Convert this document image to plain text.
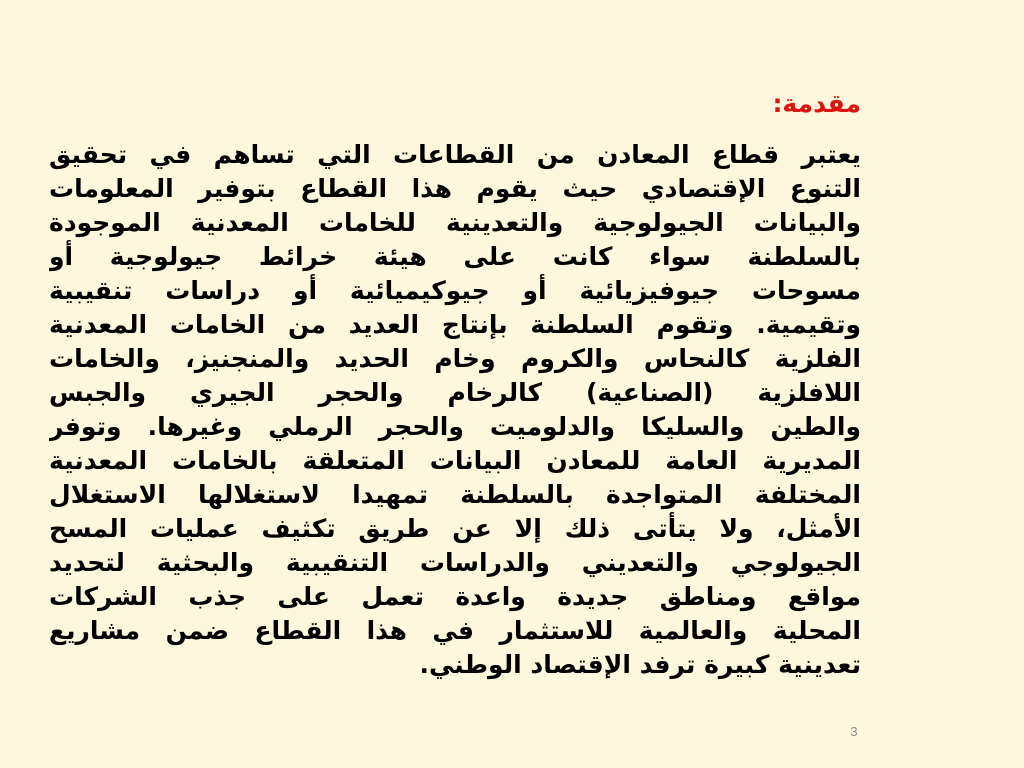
مقدمة:
يعتبر قطاع المعادن من القطاعات التي تساهم في تحقيق
التنوع الإقتصادي حيث يقوم هذا القطاع بتوفير المعلومات
والبيانات الجيولوجية والتعدينية للخامات المعدنية الموجودة
بالسلطنة سواء كانت على هيئة خرائط جيولوجية أو
مسوحات جيوفيزيائية أو جيوكيميائية أو دراسات تنقيبية
وتقيمية. وتقوم السلطنة بإنتاج العديد من الخامات المعدنية
الفلزية كالنحاس والكروم وخام الحديد والمنجنيز، والخامات
اللافلزية (الصناعية) كالرخام والحجر الجيري والجبس
والطين والسليكا والدلوميت والحجر الرملي وغيرها. وتوفر
المديرية العامة للمعادن البيانات المتعلقة بالخامات المعدنية
المختلفة المتواجدة بالسلطنة تمهيدا لاستغلالها الاستغلال
الأمثل، ولا يتأتى ذلك إلا عن طريق تكثيف عمليات المسح
الجيولوجي والتعديني والدراسات التنقيبية والبحثية لتحديد
مواقع ومناطق جديدة واعدة تعمل على جذب الشركات
المحلية والعالمية للاستثمار في هذا القطاع ضمن مشاريع
تعدينية كبيرة ترفد الإقتصاد الوطني.
3
